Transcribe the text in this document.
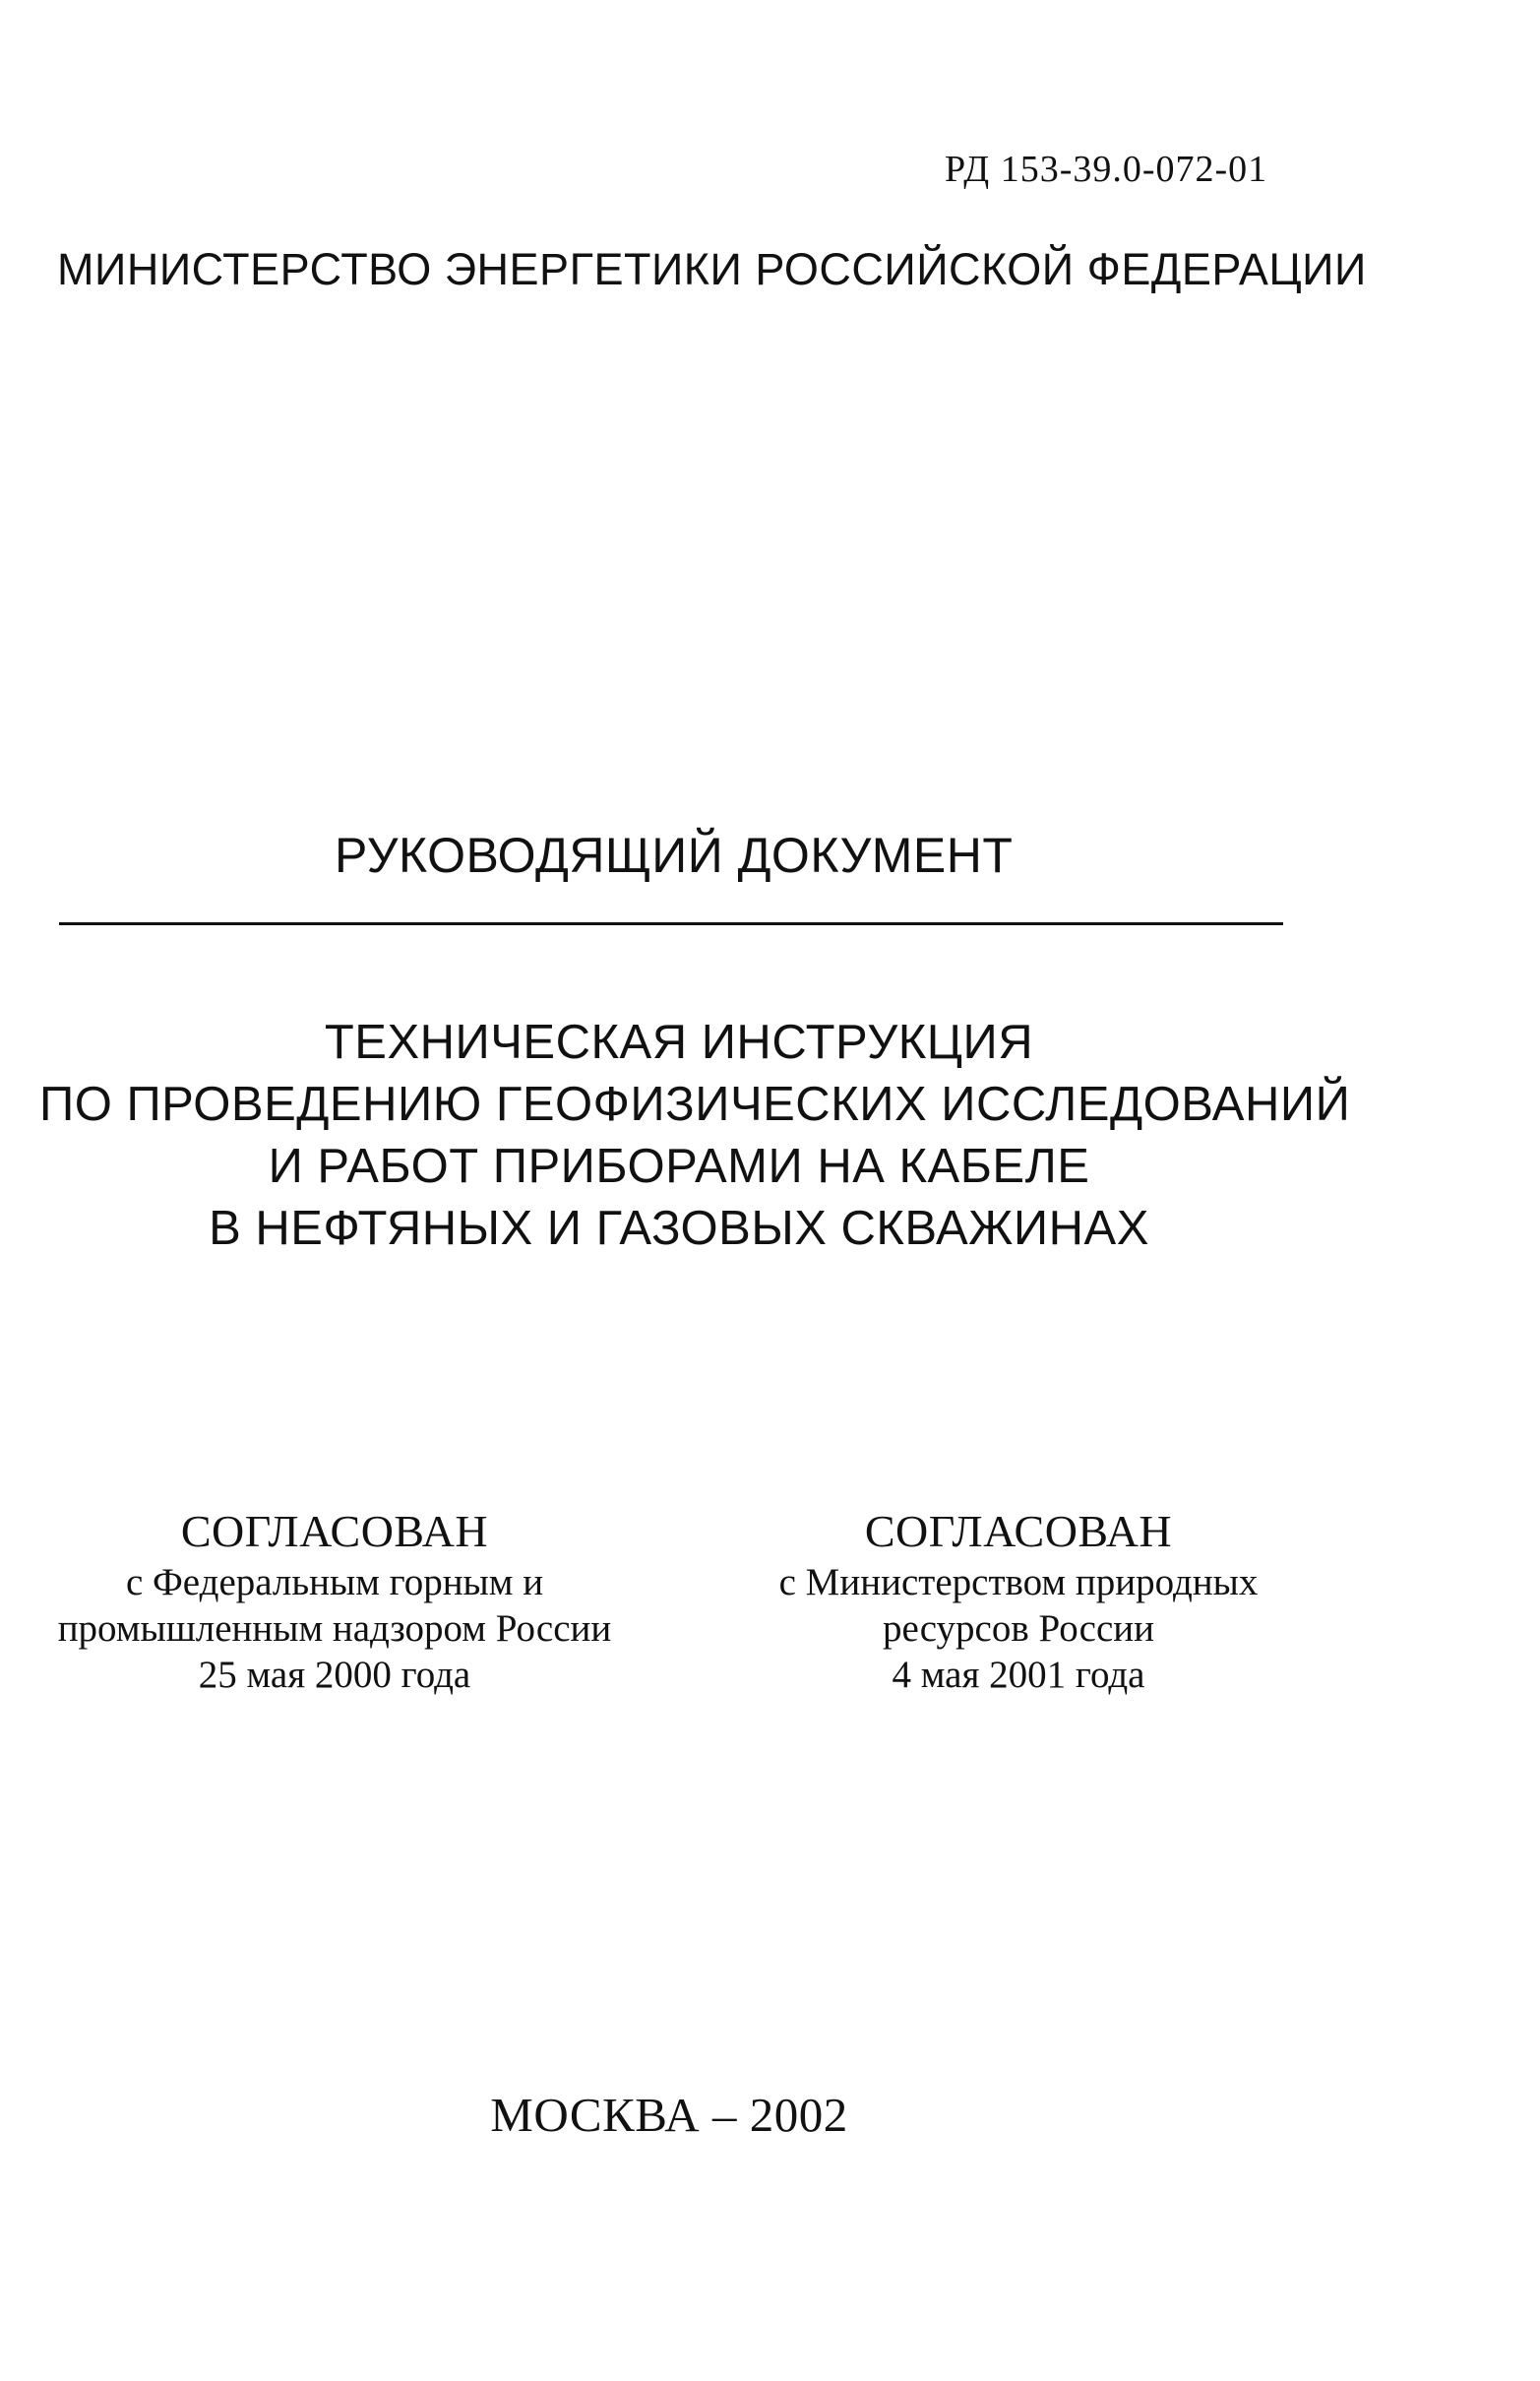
РД 153-39.0-072-01
МИНИСТЕРСТВО ЭНЕРГЕТИКИ РОССИЙСКОЙ ФЕДЕРАЦИИ
РУКОВОДЯЩИЙ ДОКУМЕНТ
ТЕХНИЧЕСКАЯ ИНСТРУКЦИЯ
ПО ПРОВЕДЕНИЮ ГЕОФИЗИЧЕСКИХ ИССЛЕДОВАНИЙ
И РАБОТ ПРИБОРАМИ НА КАБЕЛЕ
В НЕФТЯНЫХ И ГАЗОВЫХ СКВАЖИНАХ
СОГЛАСОВАН
с Федеральным горным и
промышленным надзором России
25 мая 2000 года
СОГЛАСОВАН
с Министерством природных
ресурсов России
4 мая 2001 года
МОСКВА – 2002
